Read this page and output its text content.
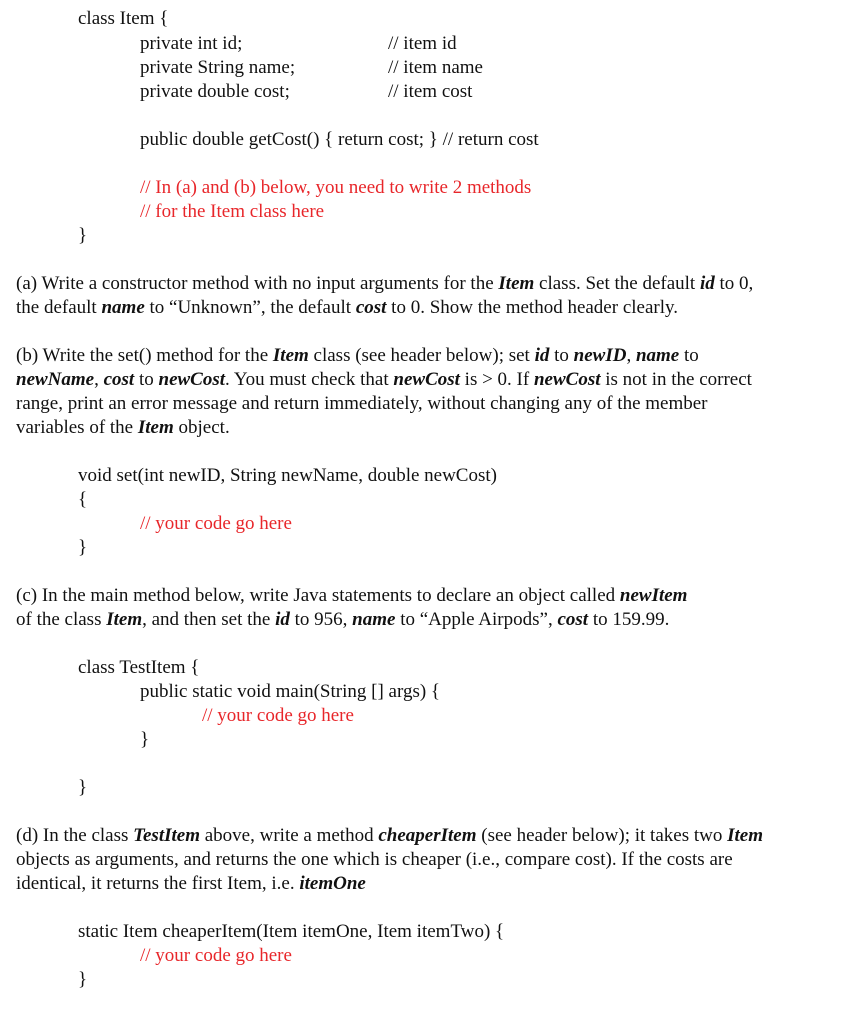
class Item {
private int id;	// item id
private String name;	// item name
private double cost;	// item cost
public double getCost() { return cost; } // return cost
// In (a) and (b) below, you need to write 2 methods
// for the Item class here
}
(a) Write a constructor method with no input arguments for the Item class. Set the default id to 0,
the default name to “Unknown”, the default cost to 0. Show the method header clearly.
(b) Write the set() method for the Item class (see header below); set id to newID, name to
newName, cost to newCost. You must check that newCost is > 0. If newCost is not in the correct
range, print an error message and return immediately, without changing any of the member
variables of the Item object.
void set(int newID, String newName, double newCost)
{
// your code go here
}
(c) In the main method below, write Java statements to declare an object called newItem
of the class Item, and then set the id to 956, name to “Apple Airpods”, cost to 159.99.
class TestItem {
public static void main(String [] args) {
// your code go here
}
}
(d) In the class TestItem above, write a method cheaperItem (see header below); it takes two Item
objects as arguments, and returns the one which is cheaper (i.e., compare cost). If the costs are
identical, it returns the first Item, i.e. itemOne
static Item cheaperItem(Item itemOne, Item itemTwo) {
// your code go here
}
